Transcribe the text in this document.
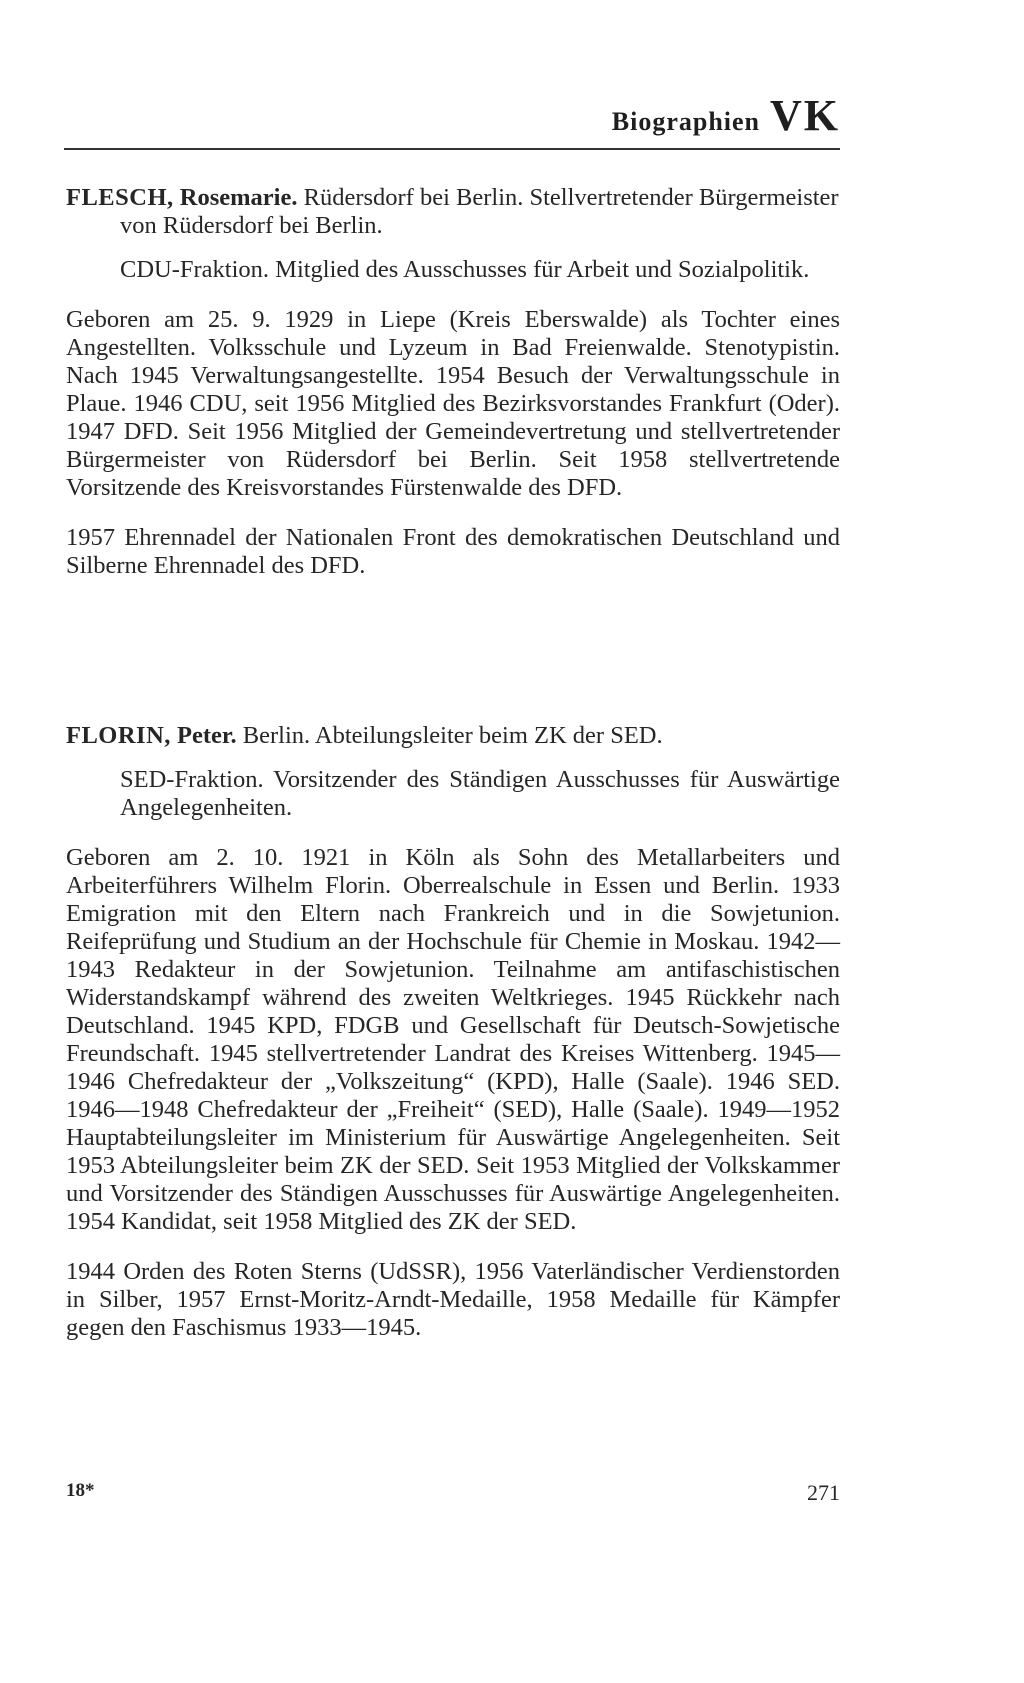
Biographien VK

FLESCH, Rosemarie. Rüdersdorf bei Berlin. Stellvertretender Bürgermeister von Rüdersdorf bei Berlin.

CDU-Fraktion. Mitglied des Ausschusses für Arbeit und Sozialpolitik.

Geboren am 25. 9. 1929 in Liepe (Kreis Eberswalde) als Tochter eines Angestellten. Volksschule und Lyzeum in Bad Freienwalde. Stenotypistin. Nach 1945 Verwaltungsangestellte. 1954 Besuch der Verwaltungsschule in Plaue. 1946 CDU, seit 1956 Mitglied des Bezirksvorstandes Frankfurt (Oder). 1947 DFD. Seit 1956 Mitglied der Gemeindevertretung und stellvertretender Bürgermeister von Rüdersdorf bei Berlin. Seit 1958 stellvertretende Vorsitzende des Kreisvorstandes Fürstenwalde des DFD.

1957 Ehrennadel der Nationalen Front des demokratischen Deutschland und Silberne Ehrennadel des DFD.

FLORIN, Peter. Berlin. Abteilungsleiter beim ZK der SED.

SED-Fraktion. Vorsitzender des Ständigen Ausschusses für Auswärtige Angelegenheiten.

Geboren am 2. 10. 1921 in Köln als Sohn des Metallarbeiters und Arbeiterführers Wilhelm Florin. Oberrealschule in Essen und Berlin. 1933 Emigration mit den Eltern nach Frankreich und in die Sowjetunion. Reifeprüfung und Studium an der Hochschule für Chemie in Moskau. 1942—1943 Redakteur in der Sowjetunion. Teilnahme am antifaschistischen Widerstandskampf während des zweiten Weltkrieges. 1945 Rückkehr nach Deutschland. 1945 KPD, FDGB und Gesellschaft für Deutsch-Sowjetische Freundschaft. 1945 stellvertretender Landrat des Kreises Wittenberg. 1945—1946 Chefredakteur der „Volkszeitung“ (KPD), Halle (Saale). 1946 SED. 1946—1948 Chefredakteur der „Freiheit“ (SED), Halle (Saale). 1949—1952 Hauptabteilungsleiter im Ministerium für Auswärtige Angelegenheiten. Seit 1953 Abteilungsleiter beim ZK der SED. Seit 1953 Mitglied der Volkskammer und Vorsitzender des Ständigen Ausschusses für Auswärtige Angelegenheiten. 1954 Kandidat, seit 1958 Mitglied des ZK der SED.

1944 Orden des Roten Sterns (UdSSR), 1956 Vaterländischer Verdienstorden in Silber, 1957 Ernst-Moritz-Arndt-Medaille, 1958 Medaille für Kämpfer gegen den Faschismus 1933—1945.

18*	271
